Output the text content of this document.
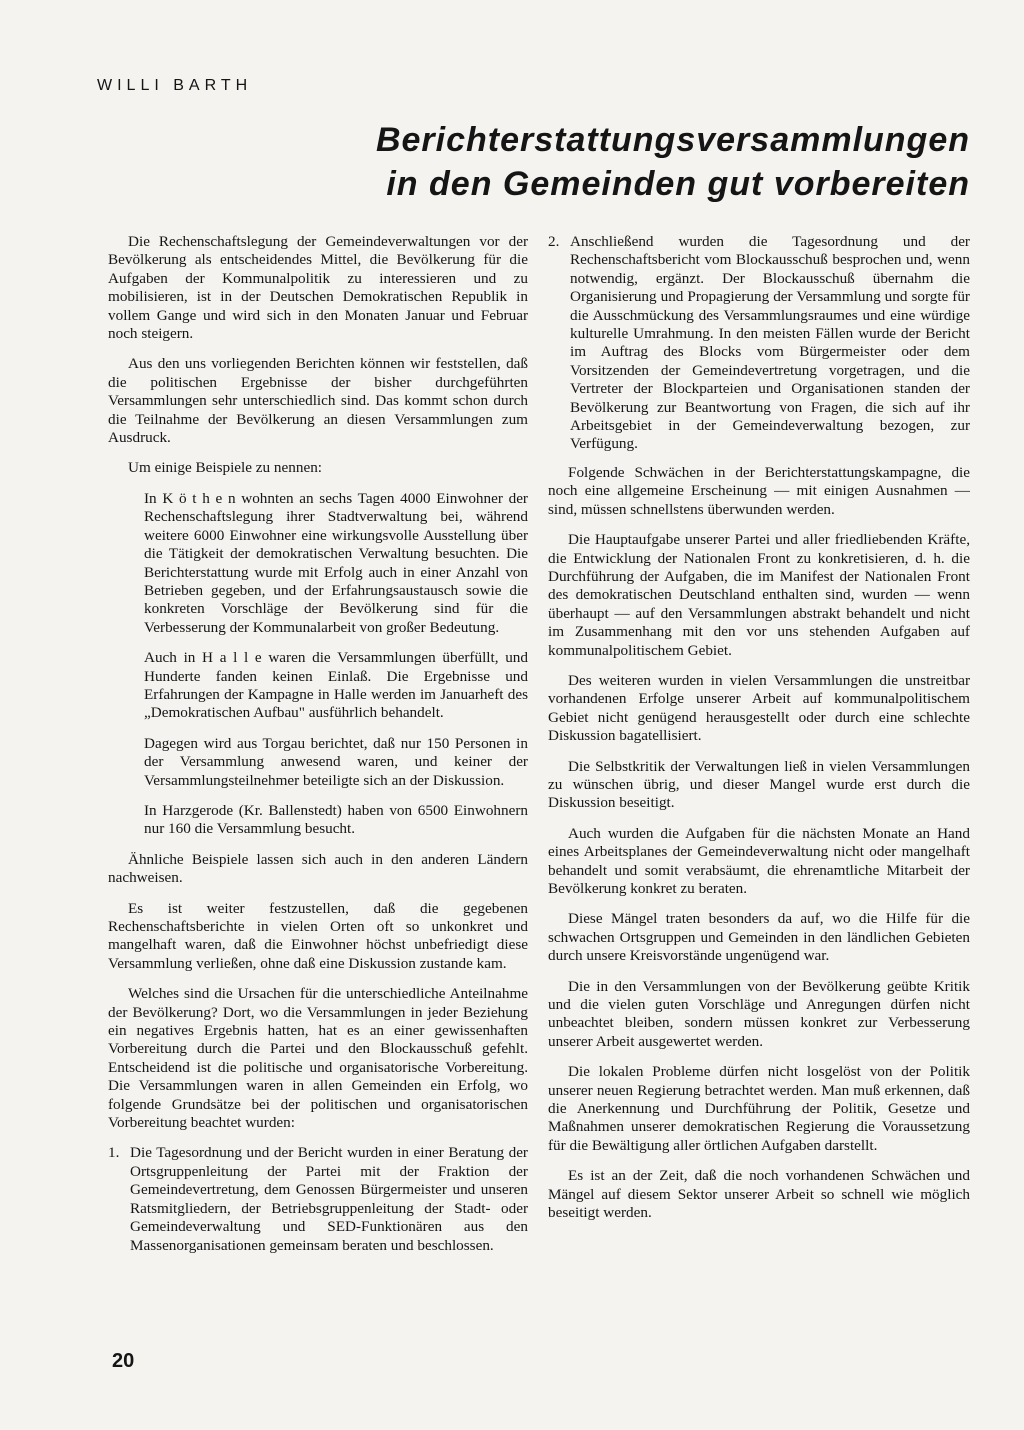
WILLI BARTH
Berichterstattungsversammlungen
in den Gemeinden gut vorbereiten

Die Rechenschaftslegung der Gemeindeverwaltungen vor der Bevölkerung als entscheidendes Mittel, die Bevölkerung für die Aufgaben der Kommunalpolitik zu interessieren und zu mobilisieren, ist in der Deutschen Demokratischen Republik in vollem Gange und wird sich in den Monaten Januar und Februar noch steigern.

Aus den uns vorliegenden Berichten können wir feststellen, daß die politischen Ergebnisse der bisher durchgeführten Versammlungen sehr unterschiedlich sind. Das kommt schon durch die Teilnahme der Bevölkerung an diesen Versammlungen zum Ausdruck.

Um einige Beispiele zu nennen:

In K ö t h e n wohnten an sechs Tagen 4000 Einwohner der Rechenschaftslegung ihrer Stadtverwaltung bei, während weitere 6000 Einwohner eine wirkungsvolle Ausstellung über die Tätigkeit der demokratischen Verwaltung besuchten. Die Berichterstattung wurde mit Erfolg auch in einer Anzahl von Betrieben gegeben, und der Erfahrungsaustausch sowie die konkreten Vorschläge der Bevölkerung sind für die Verbesserung der Kommunalarbeit von großer Bedeutung.

Auch in H a l l e waren die Versammlungen überfüllt, und Hunderte fanden keinen Einlaß. Die Ergebnisse und Erfahrungen der Kampagne in Halle werden im Januarheft des „Demokratischen Aufbau" ausführlich behandelt.

Dagegen wird aus Torgau berichtet, daß nur 150 Personen in der Versammlung anwesend waren, und keiner der Versammlungsteilnehmer beteiligte sich an der Diskussion.

In Harzgerode (Kr. Ballenstedt) haben von 6500 Einwohnern nur 160 die Versammlung besucht.

Ähnliche Beispiele lassen sich auch in den anderen Ländern nachweisen.

Es ist weiter festzustellen, daß die gegebenen Rechenschaftsberichte in vielen Orten oft so unkonkret und mangelhaft waren, daß die Einwohner höchst unbefriedigt diese Versammlung verließen, ohne daß eine Diskussion zustande kam.

Welches sind die Ursachen für die unterschiedliche Anteilnahme der Bevölkerung? Dort, wo die Versammlungen in jeder Beziehung ein negatives Ergebnis hatten, hat es an einer gewissenhaften Vorbereitung durch die Partei und den Blockausschuß gefehlt. Entscheidend ist die politische und organisatorische Vorbereitung. Die Versammlungen waren in allen Gemeinden ein Erfolg, wo folgende Grundsätze bei der politischen und organisatorischen Vorbereitung beachtet wurden:

1. Die Tagesordnung und der Bericht wurden in einer Beratung der Ortsgruppenleitung der Partei mit der Fraktion der Gemeindevertretung, dem Genossen Bürgermeister und unseren Ratsmitgliedern, der Betriebsgruppenleitung der Stadt- oder Gemeindeverwaltung und SED-Funktionären aus den Massenorganisationen gemeinsam beraten und beschlossen.
2. Anschließend wurden die Tagesordnung und der Rechenschaftsbericht vom Blockausschuß besprochen und, wenn notwendig, ergänzt. Der Blockausschuß übernahm die Organisierung und Propagierung der Versammlung und sorgte für die Ausschmückung des Versammlungsraumes und eine würdige kulturelle Umrahmung. In den meisten Fällen wurde der Bericht im Auftrag des Blocks vom Bürgermeister oder dem Vorsitzenden der Gemeindevertretung vorgetragen, und die Vertreter der Blockparteien und Organisationen standen der Bevölkerung zur Beantwortung von Fragen, die sich auf ihr Arbeitsgebiet in der Gemeindeverwaltung bezogen, zur Verfügung.

Folgende Schwächen in der Berichterstattungskampagne, die noch eine allgemeine Erscheinung — mit einigen Ausnahmen — sind, müssen schnellstens überwunden werden.

Die Hauptaufgabe unserer Partei und aller friedliebenden Kräfte, die Entwicklung der Nationalen Front zu konkretisieren, d. h. die Durchführung der Aufgaben, die im Manifest der Nationalen Front des demokratischen Deutschland enthalten sind, wurden — wenn überhaupt — auf den Versammlungen abstrakt behandelt und nicht im Zusammenhang mit den vor uns stehenden Aufgaben auf kommunalpolitischem Gebiet.

Des weiteren wurden in vielen Versammlungen die unstreitbar vorhandenen Erfolge unserer Arbeit auf kommunalpolitischem Gebiet nicht genügend herausgestellt oder durch eine schlechte Diskussion bagatellisiert.

Die Selbstkritik der Verwaltungen ließ in vielen Versammlungen zu wünschen übrig, und dieser Mangel wurde erst durch die Diskussion beseitigt.

Auch wurden die Aufgaben für die nächsten Monate an Hand eines Arbeitsplanes der Gemeindeverwaltung nicht oder mangelhaft behandelt und somit verabsäumt, die ehrenamtliche Mitarbeit der Bevölkerung konkret zu beraten.

Diese Mängel traten besonders da auf, wo die Hilfe für die schwachen Ortsgruppen und Gemeinden in den ländlichen Gebieten durch unsere Kreisvorstände ungenügend war.

Die in den Versammlungen von der Bevölkerung geübte Kritik und die vielen guten Vorschläge und Anregungen dürfen nicht unbeachtet bleiben, sondern müssen konkret zur Verbesserung unserer Arbeit ausgewertet werden.

Die lokalen Probleme dürfen nicht losgelöst von der Politik unserer neuen Regierung betrachtet werden. Man muß erkennen, daß die Anerkennung und Durchführung der Politik, Gesetze und Maßnahmen unserer demokratischen Regierung die Voraussetzung für die Bewältigung aller örtlichen Aufgaben darstellt.

Es ist an der Zeit, daß die noch vorhandenen Schwächen und Mängel auf diesem Sektor unserer Arbeit so schnell wie möglich beseitigt werden.

20
